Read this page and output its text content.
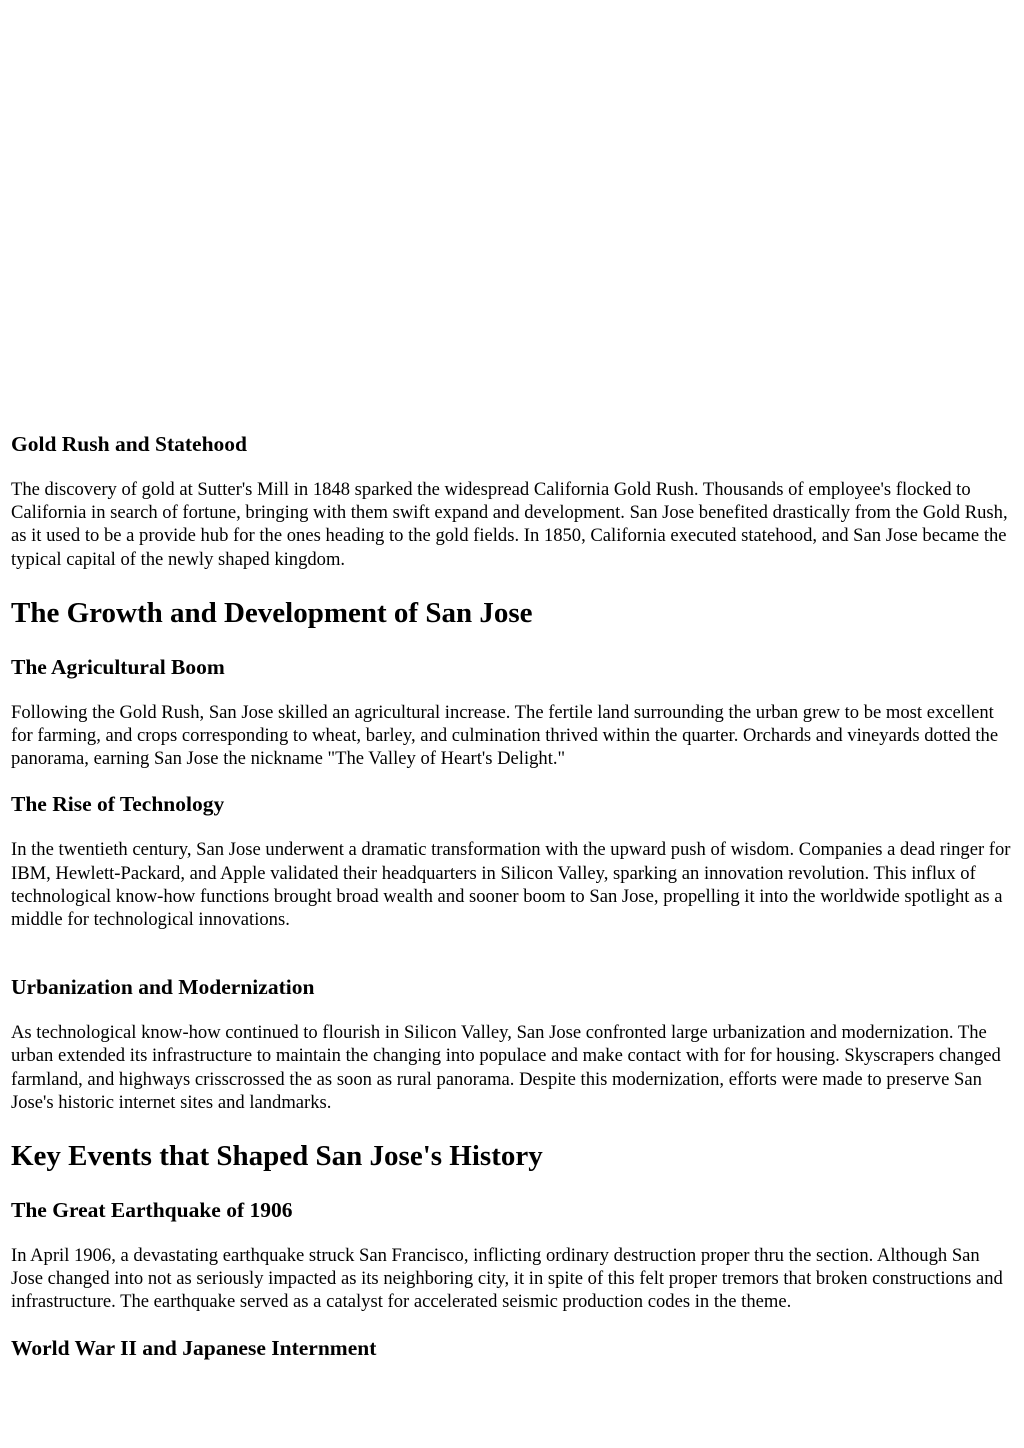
Gold Rush and Statehood

The discovery of gold at Sutter's Mill in 1848 sparked the widespread California Gold Rush. Thousands of employee's flocked to California in search of fortune, bringing with them swift expand and development. San Jose benefited drastically from the Gold Rush, as it used to be a provide hub for the ones heading to the gold fields. In 1850, California executed statehood, and San Jose became the typical capital of the newly shaped kingdom.

The Growth and Development of San Jose
The Agricultural Boom

Following the Gold Rush, San Jose skilled an agricultural increase. The fertile land surrounding the urban grew to be most excellent for farming, and crops corresponding to wheat, barley, and culmination thrived within the quarter. Orchards and vineyards dotted the panorama, earning San Jose the nickname "The Valley of Heart's Delight."

The Rise of Technology

In the twentieth century, San Jose underwent a dramatic transformation with the upward push of wisdom. Companies a dead ringer for IBM, Hewlett-Packard, and Apple validated their headquarters in Silicon Valley, sparking an innovation revolution. This influx of technological know-how functions brought broad wealth and sooner boom to San Jose, propelling it into the worldwide spotlight as a middle for technological innovations.

Urbanization and Modernization

As technological know-how continued to flourish in Silicon Valley, San Jose confronted large urbanization and modernization. The urban extended its infrastructure to maintain the changing into populace and make contact with for for housing. Skyscrapers changed farmland, and highways crisscrossed the as soon as rural panorama. Despite this modernization, efforts were made to preserve San Jose's historic internet sites and landmarks.

Key Events that Shaped San Jose's History
The Great Earthquake of 1906

In April 1906, a devastating earthquake struck San Francisco, inflicting ordinary destruction proper thru the section. Although San Jose changed into not as seriously impacted as its neighboring city, it in spite of this felt proper tremors that broken constructions and infrastructure. The earthquake served as a catalyst for accelerated seismic production codes in the theme.

World War II and Japanese Internment
